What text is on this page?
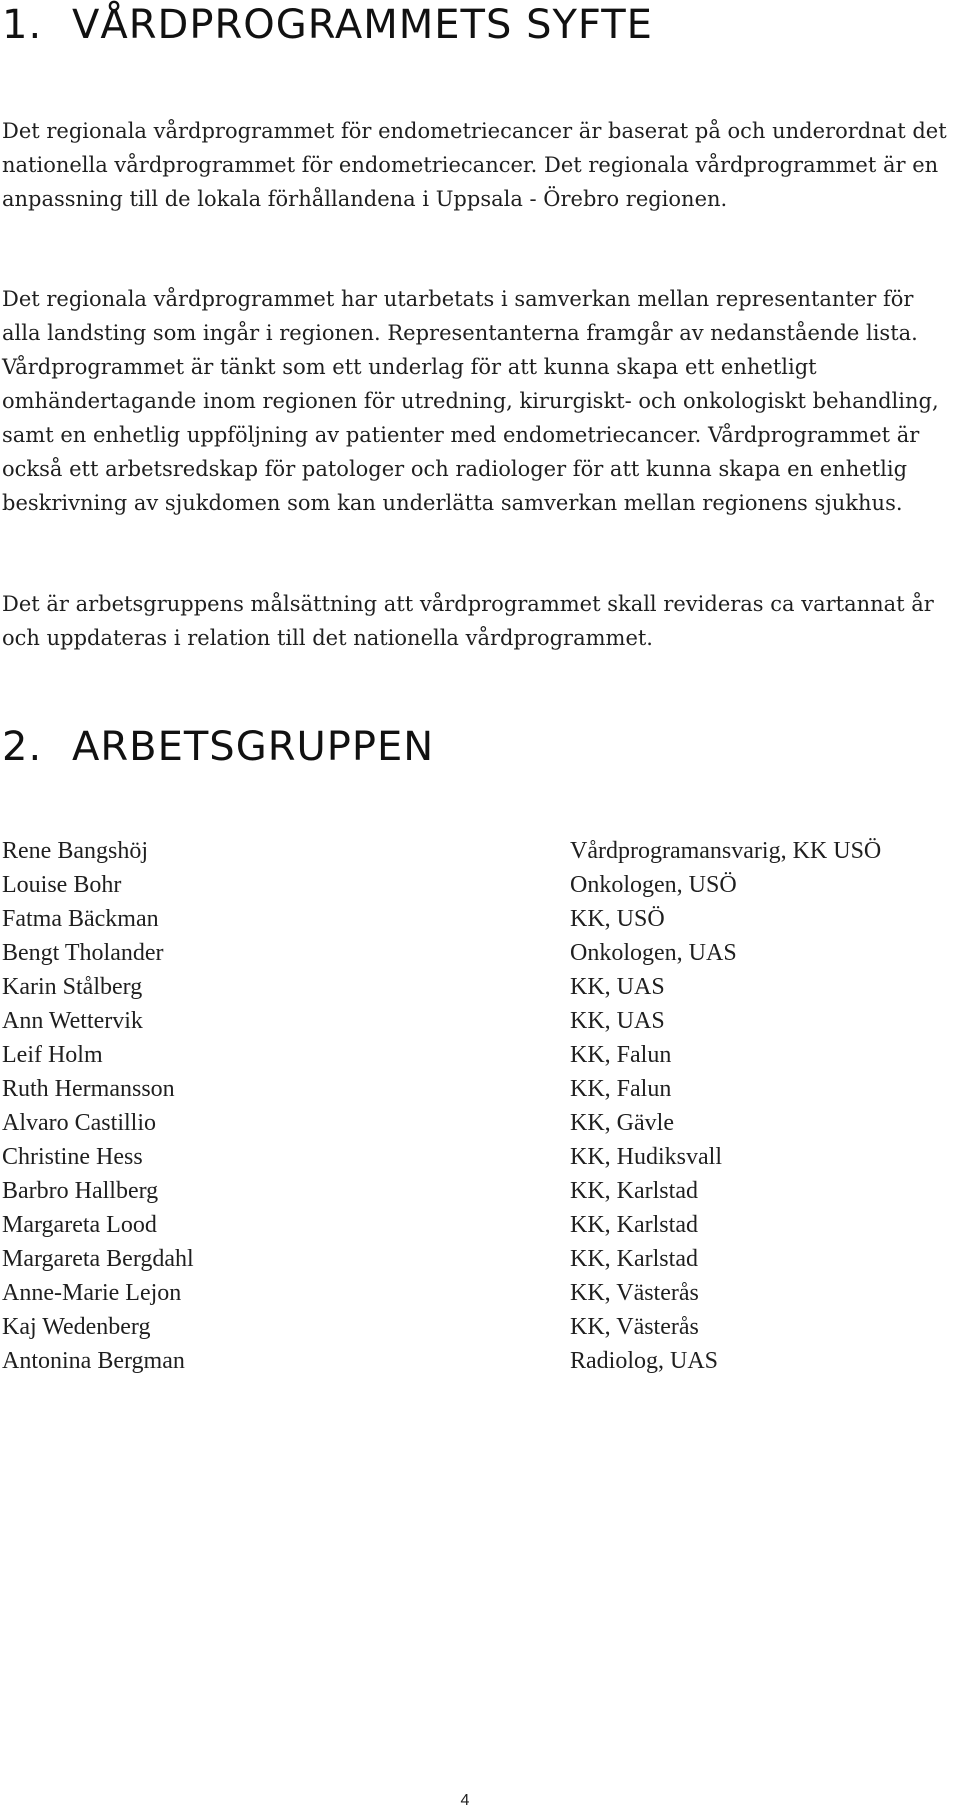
1. VÅRDPROGRAMMETS SYFTE

Det regionala vårdprogrammet för endometriecancer är baserat på och underordnat det nationella vårdprogrammet för endometriecancer. Det regionala vårdprogrammet är en anpassning till de lokala förhållandena i Uppsala - Örebro regionen.

Det regionala vårdprogrammet har utarbetats i samverkan mellan representanter för alla landsting som ingår i regionen. Representanterna framgår av nedanstående lista. Vårdprogrammet är tänkt som ett underlag för att kunna skapa ett enhetligt omhändertagande inom regionen för utredning, kirurgiskt- och onkologiskt behandling, samt en enhetlig uppföljning av patienter med endometriecancer. Vårdprogrammet är också ett arbetsredskap för patologer och radiologer för att kunna skapa en enhetlig beskrivning av sjukdomen som kan underlätta samverkan mellan regionens sjukhus.

Det är arbetsgruppens målsättning att vårdprogrammet skall revideras ca vartannat år och uppdateras i relation till det nationella vårdprogrammet.

2. ARBETSGRUPPEN
Rene Bangshöj	Vårdprogramansvarig, KK USÖ
Louise Bohr	Onkologen, USÖ
Fatma Bäckman	KK, USÖ
Bengt Tholander	Onkologen, UAS
Karin Stålberg	KK, UAS
Ann Wettervik	KK, UAS
Leif Holm	KK, Falun
Ruth Hermansson	KK, Falun
Alvaro Castillio	KK, Gävle
Christine Hess	KK, Hudiksvall
Barbro Hallberg	KK, Karlstad
Margareta Lood	KK, Karlstad
Margareta Bergdahl	KK, Karlstad
Anne-Marie Lejon	KK, Västerås
Kaj Wedenberg	KK, Västerås
Antonina Bergman	Radiolog, UAS
4
